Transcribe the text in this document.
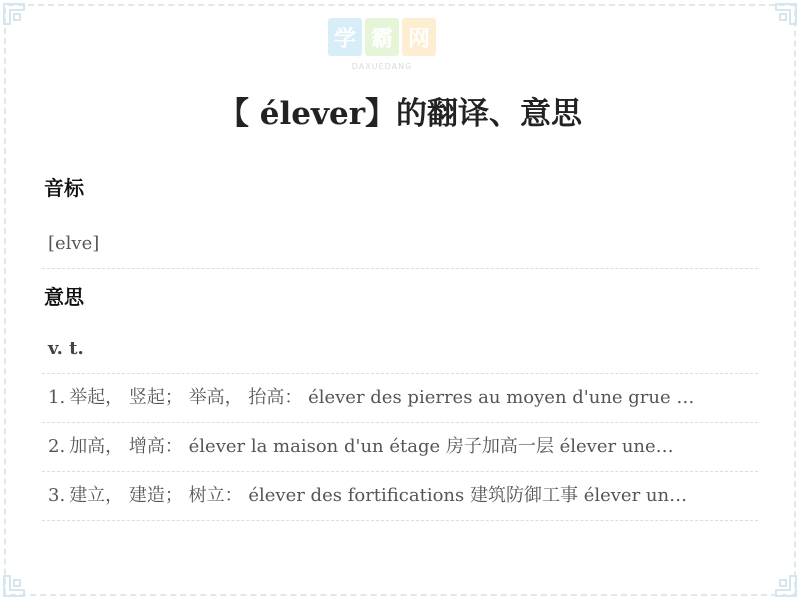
学 霸 网
DAXUEDANG
【 élever】的翻译、意思
音标
[elve]
意思
v. t.
1. 举起， 竖起； 举高， 抬高： élever des pierres au moyen d'une grue …
2. 加高， 增高： élever la maison d'un étage 房子加高一层 élever une…
3. 建立， 建造； 树立： élever des fortifications 建筑防御工事 élever un…
